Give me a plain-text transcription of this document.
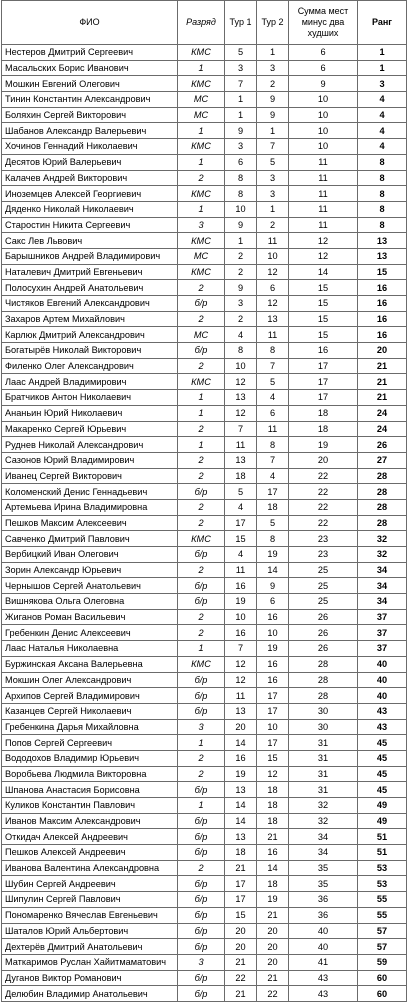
ФИО	Разряд	Тур 1	Тур 2	Сумма мест минус два худших	Ранг
Нестеров Дмитрий Сергеевич	КМС	5	1	6	1
Масальских Борис Иванович	1	3	3	6	1
Мошкин Евгений Олегович	КМС	7	2	9	3
Тинин Константин Александрович	МС	1	9	10	4
Боляхин Сергей Викторович	МС	1	9	10	4
Шабанов Александр Валерьевич	1	9	1	10	4
Хочинов Геннадий Николаевич	КМС	3	7	10	4
Десятов Юрий Валерьевич	1	6	5	11	8
Калачев Андрей Викторович	2	8	3	11	8
Иноземцев Алексей Георгиевич	КМС	8	3	11	8
Дяденко Николай Николаевич	1	10	1	11	8
Старостин Никита Сергеевич	3	9	2	11	8
Сакс Лев Львович	КМС	1	11	12	13
Барышников Андрей Владимирович	МС	2	10	12	13
Наталевич Дмитрий Евгеньевич	КМС	2	12	14	15
Полосухин Андрей Анатольевич	2	9	6	15	16
Чистяков Евгений Александрович	б/р	3	12	15	16
Захаров Артем Михайлович	2	2	13	15	16
Карлюк Дмитрий Александрович	МС	4	11	15	16
Богатырёв Николай Викторович	б/р	8	8	16	20
Филенко Олег Александрович	2	10	7	17	21
Лаас Андрей Владимирович	КМС	12	5	17	21
Братчиков Антон Николаевич	1	13	4	17	21
Ананьин Юрий Николаевич	1	12	6	18	24
Макаренко Сергей Юрьевич	2	7	11	18	24
Руднев Николай Александрович	1	11	8	19	26
Сазонов Юрий Владимирович	2	13	7	20	27
Иванец Сергей Викторович	2	18	4	22	28
Коломенский Денис Геннадьевич	б/р	5	17	22	28
Артемьева Ирина Владимировна	2	4	18	22	28
Пешков Максим Алексеевич	2	17	5	22	28
Савченко Дмитрий Павлович	КМС	15	8	23	32
Вербицкий Иван Олегович	б/р	4	19	23	32
Зорин Александр Юрьевич	2	11	14	25	34
Чернышов Сергей Анатольевич	б/р	16	9	25	34
Вишнякова Ольга Олеговна	б/р	19	6	25	34
Жиганов Роман Васильевич	2	10	16	26	37
Гребенкин Денис Алексеевич	2	16	10	26	37
Лаас Наталья Николаевна	1	7	19	26	37
Буржинская Аксана Валерьевна	КМС	12	16	28	40
Мокшин Олег Александрович	б/р	12	16	28	40
Архипов Сергей Владимирович	б/р	11	17	28	40
Казанцев Сергей Николаевич	б/р	13	17	30	43
Гребенкина Дарья Михайловна	3	20	10	30	43
Попов Сергей Сергеевич	1	14	17	31	45
Вододохов Владимир Юрьевич	2	16	15	31	45
Воробьева Людмила Викторовна	2	19	12	31	45
Шпанова Анастасия Борисовна	б/р	13	18	31	45
Куликов Константин Павлович	1	14	18	32	49
Иванов Максим Александрович	б/р	14	18	32	49
Откидач Алексей Андреевич	б/р	13	21	34	51
Пешков Алексей Андреевич	б/р	18	16	34	51
Иванова Валентина Александровна	2	21	14	35	53
Шубин Сергей Андреевич	б/р	17	18	35	53
Шипулин Сергей Павлович	б/р	17	19	36	55
Пономаренко Вячеслав Евгеньевич	б/р	15	21	36	55
Шаталов Юрий Альбертович	б/р	20	20	40	57
Дехтерёв Дмитрий Анатольевич	б/р	20	20	40	57
Маткаримов Руслан Хайитмаматович	3	21	20	41	59
Дуганов Виктор Романович	б/р	22	21	43	60
Делюбин Владимир Анатольевич	б/р	21	22	43	60
